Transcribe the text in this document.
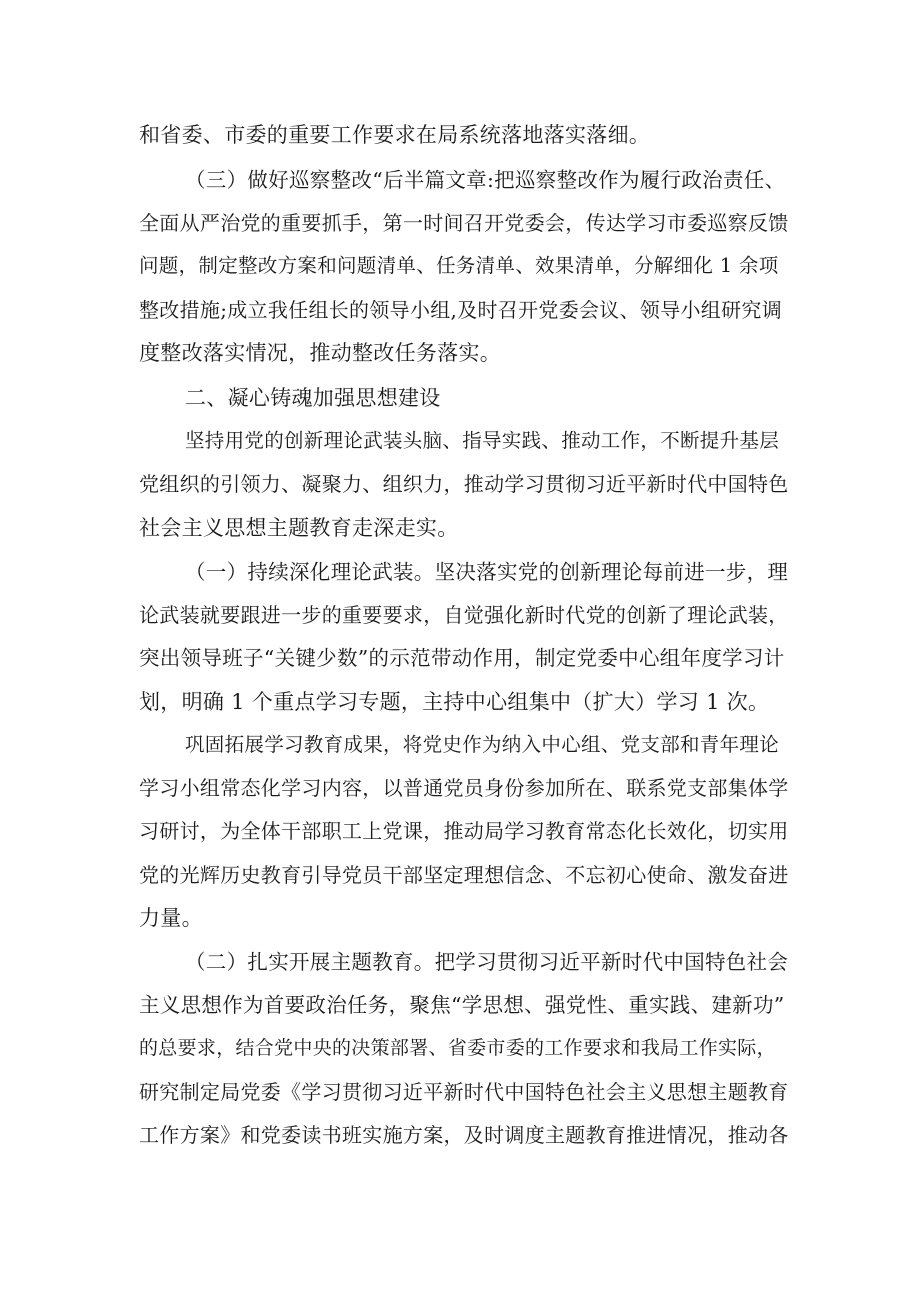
和省委、市委的重要工作要求在局系统落地落实落细。
（三）做好巡察整改“后半篇文章:把巡察整改作为履行政治责任、
全面从严治党的重要抓手，第一时间召开党委会，传达学习市委巡察反馈
问题，制定整改方案和问题清单、任务清单、效果清单，分解细化 1 余项
整改措施;成立我任组长的领导小组,及时召开党委会议、领导小组研究调
度整改落实情况，推动整改任务落实。
二、凝心铸魂加强思想建设
坚持用党的创新理论武装头脑、指导实践、推动工作，不断提升基层
党组织的引领力、凝聚力、组织力，推动学习贯彻习近平新时代中国特色
社会主义思想主题教育走深走实。
（一）持续深化理论武装。坚决落实党的创新理论每前进一步，理
论武装就要跟进一步的重要要求，自觉强化新时代党的创新了理论武装，
突出领导班子“关键少数”的示范带动作用，制定党委中心组年度学习计
划，明确 1 个重点学习专题，主持中心组集中（扩大）学习 1 次。
巩固拓展学习教育成果，将党史作为纳入中心组、党支部和青年理论
学习小组常态化学习内容，以普通党员身份参加所在、联系党支部集体学
习研讨，为全体干部职工上党课，推动局学习教育常态化长效化，切实用
党的光辉历史教育引导党员干部坚定理想信念、不忘初心使命、激发奋进
力量。
（二）扎实开展主题教育。把学习贯彻习近平新时代中国特色社会
主义思想作为首要政治任务，聚焦“学思想、强党性、重实践、建新功”
的总要求，结合党中央的决策部署、省委市委的工作要求和我局工作实际，
研究制定局党委《学习贯彻习近平新时代中国特色社会主义思想主题教育
工作方案》和党委读书班实施方案，及时调度主题教育推进情况，推动各
